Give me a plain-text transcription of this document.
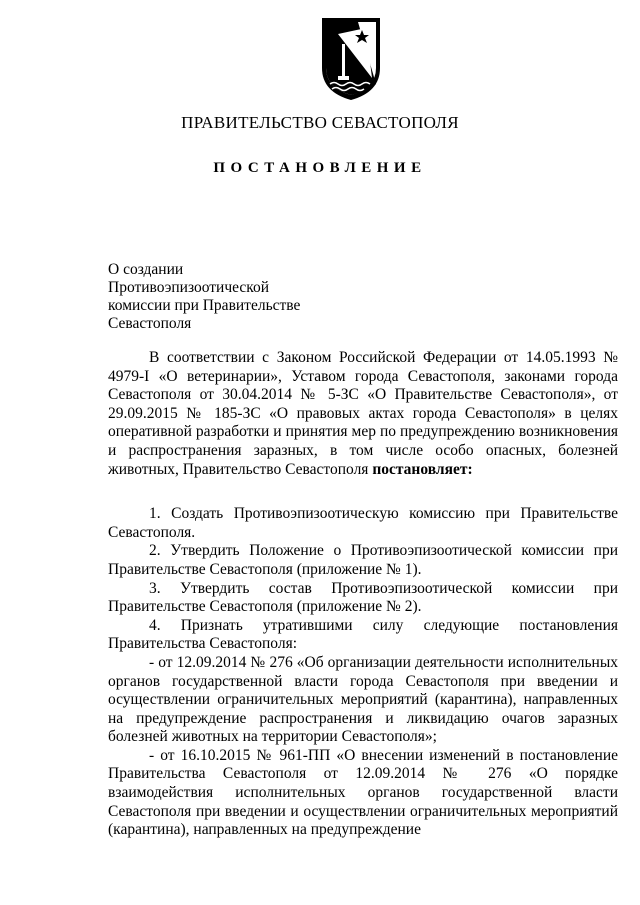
ПРАВИТЕЛЬСТВО СЕВАСТОПОЛЯ
ПОСТАНОВЛЕНИЕ
О создании
Противоэпизоотической
комиссии при Правительстве
Севастополя

В соответствии с Законом Российской Федерации от 14.05.1993 № 4979-I «О ветеринарии», Уставом города Севастополя, законами города Севастополя от 30.04.2014 № 5-ЗС «О Правительстве Севастополя», от 29.09.2015 № 185-ЗС «О правовых актах города Севастополя» в целях оперативной разработки и принятия мер по предупреждению возникновения и распространения заразных, в том числе особо опасных, болезней животных, Правительство Севастополя постановляет:

1. Создать Противоэпизоотическую комиссию при Правительстве Севастополя.

2. Утвердить Положение о Противоэпизоотической комиссии при Правительстве Севастополя (приложение № 1).

3. Утвердить состав Противоэпизоотической комиссии при Правительстве Севастополя (приложение № 2).

4. Признать утратившими силу следующие постановления Правительства Севастополя:

- от 12.09.2014 № 276 «Об организации деятельности исполнительных органов государственной власти города Севастополя при введении и осуществлении ограничительных мероприятий (карантина), направленных на предупреждение распространения и ликвидацию очагов заразных болезней животных на территории Севастополя»;

- от 16.10.2015 № 961-ПП «О внесении изменений в постановление Правительства Севастополя от 12.09.2014 № 276 «О порядке взаимодействия исполнительных органов государственной власти Севастополя при введении и осуществлении ограничительных мероприятий (карантина), направленных на предупреждение
